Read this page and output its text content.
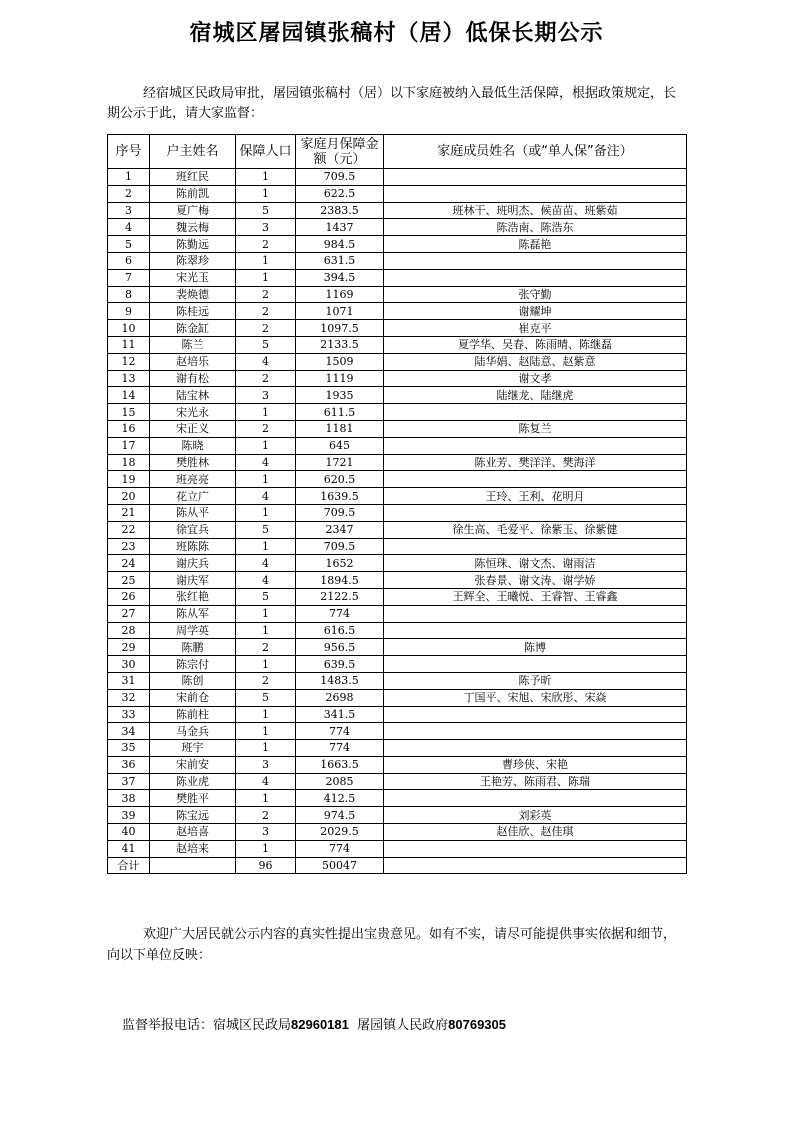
宿城区屠园镇张稿村（居）低保长期公示
经宿城区民政局审批，屠园镇张稿村（居）以下家庭被纳入最低生活保障，根据政策规定，长期公示于此，请大家监督：
序号	户主姓名	保障人口	家庭月保障金额（元）	家庭成员姓名（或“单人保”备注）
1	班红民	1	709.5	
2	陈前凯	1	622.5	
3	夏广梅	5	2383.5	班林干、班明杰、候苗苗、班紫茹
4	魏云梅	3	1437	陈浩南、陈浩东
5	陈勤远	2	984.5	陈磊艳
6	陈翠珍	1	631.5	
7	宋光玉	1	394.5	
8	裴焕德	2	1169	张守勤
9	陈桂远	2	1071	谢耀坤
10	陈金缸	2	1097.5	崔克平
11	陈兰	5	2133.5	夏学华、吴春、陈雨晴、陈继磊
12	赵培乐	4	1509	陆华娟、赵陆意、赵紫意
13	谢有松	2	1119	谢文孝
14	陆宝林	3	1935	陆继龙、陆继虎
15	宋光永	1	611.5	
16	宋正义	2	1181	陈复兰
17	陈晓	1	645	
18	樊胜林	4	1721	陈业芳、樊洋洋、樊海洋
19	班亮亮	1	620.5	
20	花立广	4	1639.5	王玲、王利、花明月
21	陈从平	1	709.5	
22	徐宜兵	5	2347	徐生高、毛爱平、徐紫玉、徐紫健
23	班陈陈	1	709.5	
24	谢庆兵	4	1652	陈恒珠、谢文杰、谢雨洁
25	谢庆军	4	1894.5	张春景、谢文涛、谢学娇
26	张红艳	5	2122.5	王辉全、王曦悦、王睿智、王睿鑫
27	陈从军	1	774	
28	周学英	1	616.5	
29	陈鹏	2	956.5	陈博
30	陈宗付	1	639.5	
31	陈创	2	1483.5	陈予昕
32	宋前仓	5	2698	丁国平、宋旭、宋欣彤、宋焱
33	陈前柱	1	341.5	
34	马金兵	1	774	
35	班宇	1	774	
36	宋前安	3	1663.5	曹珍侠、宋艳
37	陈业虎	4	2085	王艳芳、陈雨君、陈瑞
38	樊胜平	1	412.5	
39	陈宝远	2	974.5	刘彩英
40	赵培喜	3	2029.5	赵佳欣、赵佳琪
41	赵培来	1	774	
合计		96	50047	
欢迎广大居民就公示内容的真实性提出宝贵意见。如有不实，请尽可能提供事实依据和细节，向以下单位反映：
监督举报电话：宿城区民政局82960181 屠园镇人民政府80769305
